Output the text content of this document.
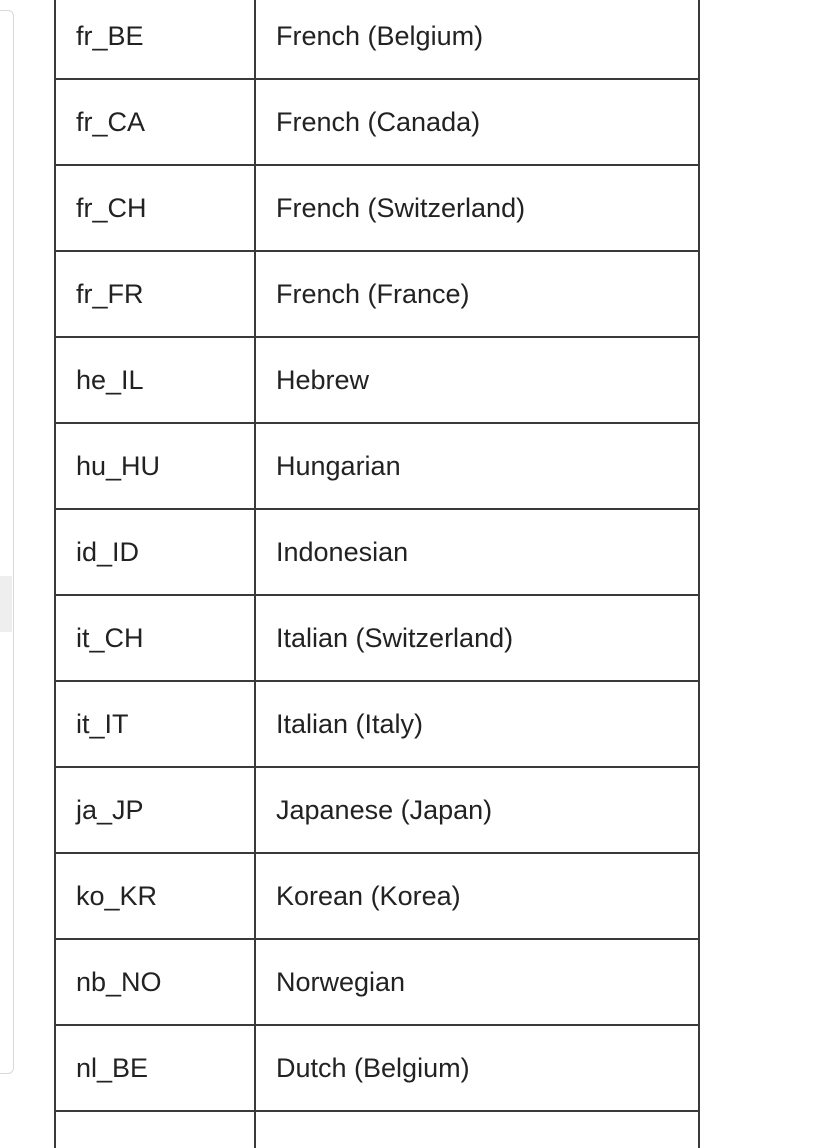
fr_BE	French (Belgium)
fr_CA	French (Canada)
fr_CH	French (Switzerland)
fr_FR	French (France)
he_IL	Hebrew
hu_HU	Hungarian
id_ID	Indonesian
it_CH	Italian (Switzerland)
it_IT	Italian (Italy)
ja_JP	Japanese (Japan)
ko_KR	Korean (Korea)
nb_NO	Norwegian
nl_BE	Dutch (Belgium)
